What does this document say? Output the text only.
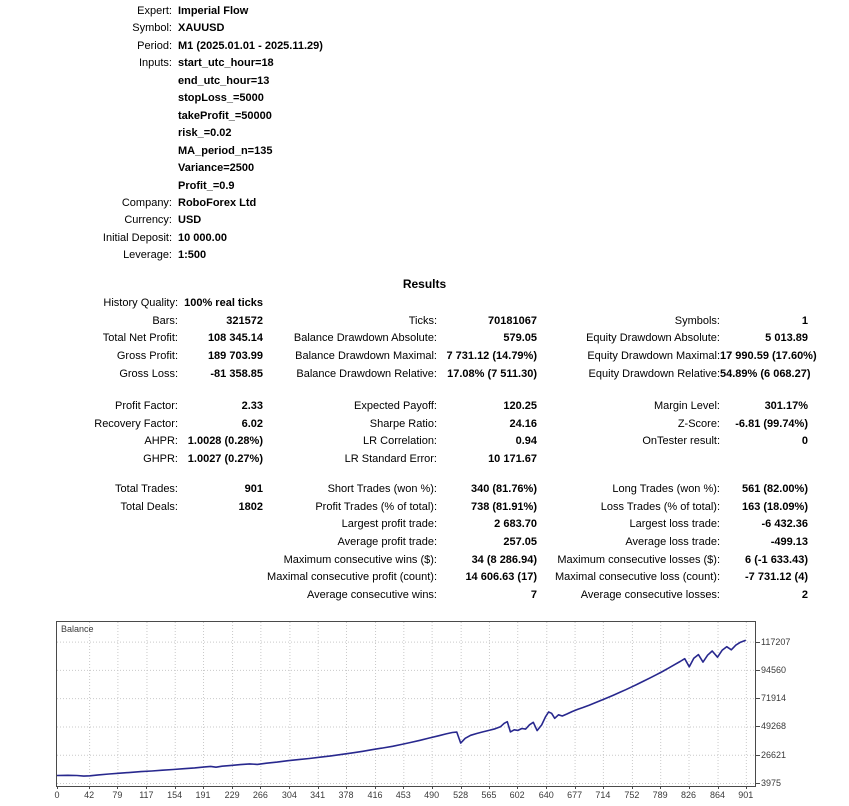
Expert: Imperial Flow
Symbol: XAUUSD
Period: M1 (2025.01.01 - 2025.11.29)
Inputs: start_utc_hour=18
end_utc_hour=13
stopLoss_=5000
takeProfit_=50000
risk_=0.02
MA_period_n=135
Variance=2500
Profit_=0.9
Company: RoboForex Ltd
Currency: USD
Initial Deposit: 10 000.00
Leverage: 1:500
Results
History Quality: 100% real ticks
Bars:	321572	Ticks:	70181067	Symbols:	1
Total Net Profit:	108 345.14	Balance Drawdown Absolute:	579.05	Equity Drawdown Absolute:	5 013.89
Gross Profit:	189 703.99	Balance Drawdown Maximal: 7 731.12 (14.79%)	Equity Drawdown Maximal: 17 990.59 (17.60%)
Gross Loss:	-81 358.85	Balance Drawdown Relative: 17.08% (7 511.30)	Equity Drawdown Relative: 54.89% (6 068.27)
Profit Factor:	2.33	Expected Payoff:	120.25	Margin Level:	301.17%
Recovery Factor:	6.02	Sharpe Ratio:	24.16	Z-Score:	-6.81 (99.74%)
AHPR: 1.0028 (0.28%)	LR Correlation:	0.94	OnTester result:	0
GHPR: 1.0027 (0.27%)	LR Standard Error:	10 171.67
Total Trades:	901	Short Trades (won %):	340 (81.76%)	Long Trades (won %):	561 (82.00%)
Total Deals:	1802	Profit Trades (% of total):	738 (81.91%)	Loss Trades (% of total):	163 (18.09%)
Largest profit trade:	2 683.70	Largest loss trade:	-6 432.36
Average profit trade:	257.05	Average loss trade:	-499.13
Maximum consecutive wins ($):	34 (8 286.94)	Maximum consecutive losses ($):	6 (-1 633.43)
Maximal consecutive profit (count):	14 606.63 (17)	Maximal consecutive loss (count):	-7 731.12 (4)
Average consecutive wins:	7	Average consecutive losses:	2
Balance
0	42	79	117	154	191	229	266	304	341	378	416	453	490	528	565	602	640	677	714	752	789	826	864	901
3975
26621
49268
71914
94560
117207
